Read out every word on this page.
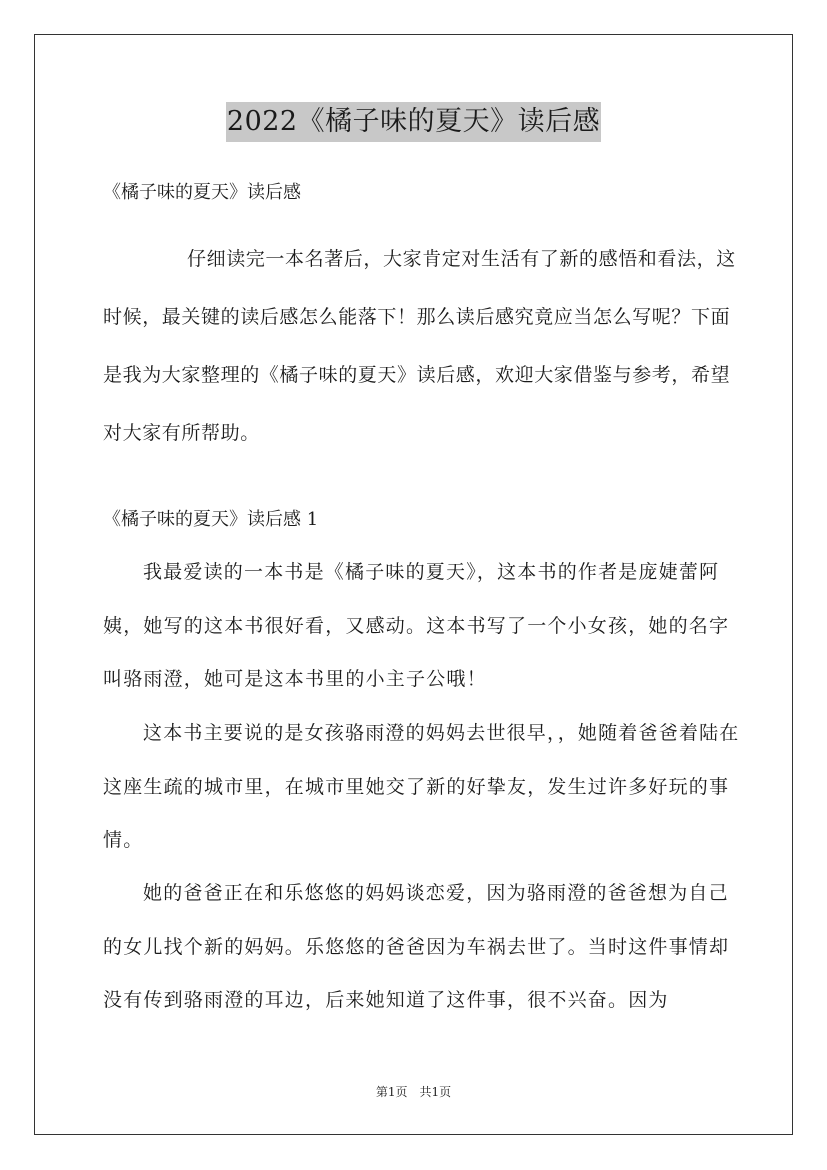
2022《橘子味的夏天》读后感
《橘子味的夏天》读后感

仔细读完一本名著后，大家肯定对生活有了新的感悟和看法，这时候，最关键的读后感怎么能落下！那么读后感究竟应当怎么写呢？下面是我为大家整理的《橘子味的夏天》读后感，欢迎大家借鉴与参考，希望对大家有所帮助。

《橘子味的夏天》读后感 1

我最爱读的一本书是《橘子味的夏天》，这本书的作者是庞婕蕾阿姨，她写的这本书很好看，又感动。这本书写了一个小女孩，她的名字叫骆雨澄，她可是这本书里的小主子公哦！

这本书主要说的是女孩骆雨澄的妈妈去世很早，，她随着爸爸着陆在这座生疏的城市里，在城市里她交了新的好挚友，发生过许多好玩的事情。

她的爸爸正在和乐悠悠的妈妈谈恋爱，因为骆雨澄的爸爸想为自己的女儿找个新的妈妈。乐悠悠的爸爸因为车祸去世了。当时这件事情却没有传到骆雨澄的耳边，后来她知道了这件事，很不兴奋。因为

第1页 共1页
